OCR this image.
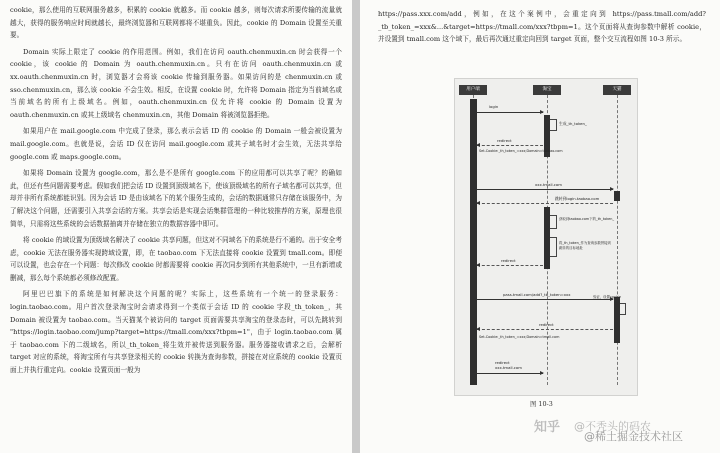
cookie，那么使用的互联网服务越多，积累的 cookie 就越多。而 cookie 越多，则每次请求所要传输的流量就越大，获得的服务响应时间就越长，最终浏览器和互联网都将不堪重负。因此，cookie 的 Domain 设置至关重要。

Domain 实际上限定了 cookie 的作用范围。例如，我们在访问 oauth.chenmuxin.cn 时会获得一个 cookie，该 cookie 的 Domain 为 oauth.chenmuxin.cn。只有在访问 oauth.chenmuxin.cn 或 xx.oauth.chenmuxin.cn 时，浏览器才会将该 cookie 传输到服务器。如果访问的是 chenmuxin.cn 或 sso.chenmuxin.cn，那么该 cookie 不会生效。相反，在设置 cookie 时，允许将 Domain 指定为当前域名或当前域名的所有上级域名。例如，oauth.chenmuxin.cn 仅允许将 cookie 的 Domain 设置为 oauth.chenmuxin.cn 或其上级域名 chenmuxin.cn，其他 Domain 将被浏览器拒绝。

如果用户在 mail.google.com 中完成了登录，那么表示会话 ID 的 cookie 的 Domain 一般会被设置为 mail.google.com。也就是说，会话 ID 仅在访问 mail.google.com 或其子域名时才会生效，无法共享给 google.com 或 maps.google.com。

如果将 Domain 设置为 google.com，那么是不是所有 google.com 下的应用都可以共享了呢？的确如此，但还有些问题需要考虑。假如我们把会话 ID 设置到顶级域名下，使该顶级域名的所有子域名都可以共享，但却并非所有系统都能识别。因为会话 ID 是由该域名下的某个服务生成的，会话的数据通常只存储在该服务中，为了解决这个问题，还需要引入共享会话的方案。共享会话是实现会话集群管理的一种比较推荐的方案，原理也很简单，只需将这些系统的会话数据抽离并存储在独立的数据容器中即可。

将 cookie 的域设置为顶级域名解决了 cookie 共享问题，但这对不同域名下的系统是行不通的。出于安全考虑，cookie 无法在服务器实现跨域设置，即，在 taobao.com 下无法直接将 cookie 设置到 tmall.com。即便可以设置，也会存在一个问题：每次修改 cookie 时都需要将 cookie 再次同步到所有其他系统中，一旦有新增或删减，那么每个系统都必须修改配置。

阿里巴巴旗下的系统是如何解决这个问题的呢？实际上，这些系统有一个统一的登录服务：login.taobao.com。用户首次登录淘宝时会请求得到一个类似于会话 ID 的 cookie 字段_th_token_，其 Domain 被设置为 taobao.com。当天猫某个被访问的 target 页面需要共享淘宝的登录态时，可以先跳转到 "https://login.taobao.com/jump?target=https://tmall.com/xxx?tbpm=1"，由于 login.taobao.com 属于 taobao.com 下的二级域名，所以_th_token_将生效并被传送到服务器。服务器接收请求之后，会解析 target 对应的系统，将淘宝所有与共享登录相关的 cookie 转换为查询参数，拼接在对应系统的 cookie 设置页面上并执行重定向。cookie 设置页面一般为

https://pass.xxx.com/add，例如，在这个案例中，会重定向到 https://pass.tmall.com/add?_tb_token_=xxx&...&target=https://tmall.com/xxx?tbpm=1。这个页面将从查询参数中解析 cookie，并设置到 tmall.com 这个域下，最后再次通过重定向回到 target 页面，整个交互流程如图 10-3 所示。

用户端	淘宝	天猫
login
生成_th_token_
redirect
Set-Cookie:_th_token_=xxx;Domain=taobao.com
xxx.tmall.com
跳转到login.taobao.com
获取到taobao.com下的_th_token_
将_th_token_作为查询参数拼接到跳转的目标地址
redirect
pass.tmall.com/add?_tb_token=xxx	验证，设置cookie
redirect
Set-Cookie:_th_token_=xxx;Domain=tmall.com
redirect
xxx.tmall.com
图 10-3
知乎 @不秃头的码农
@稀土掘金技术社区
